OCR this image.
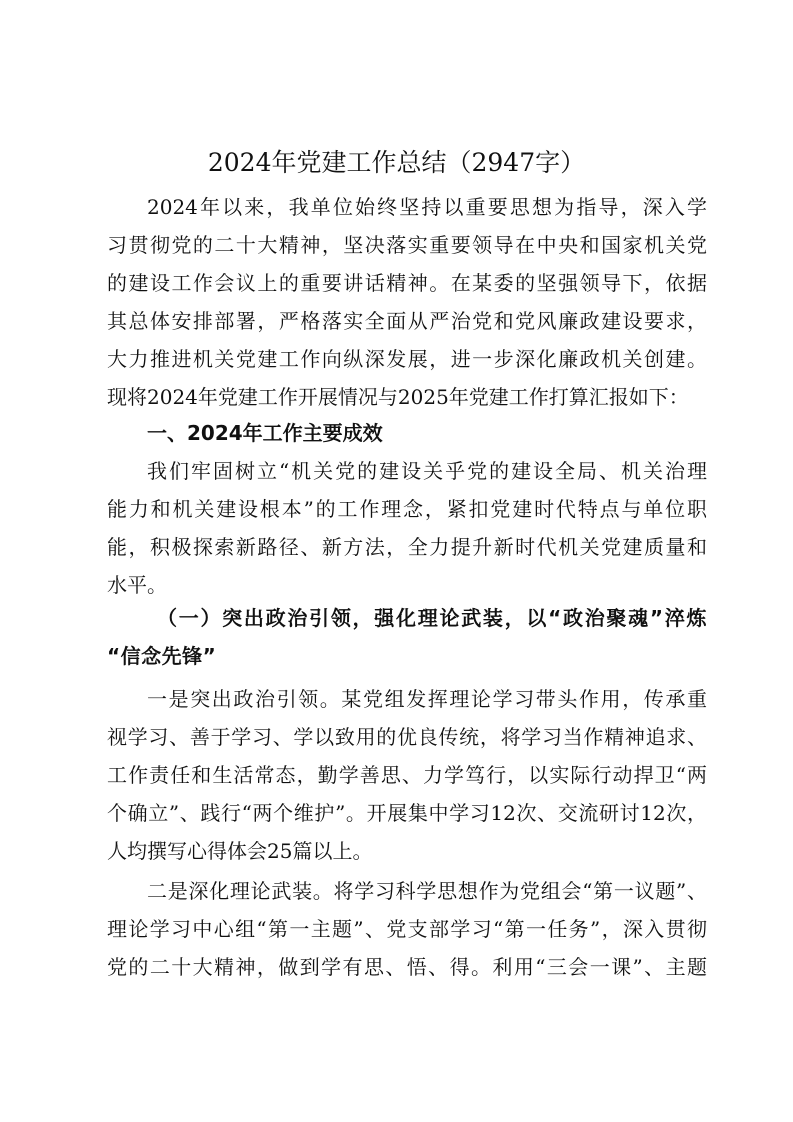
2024年党建工作总结（2947字）
2024年以来，我单位始终坚持以重要思想为指导，深入学
习贯彻党的二十大精神，坚决落实重要领导在中央和国家机关党
的建设工作会议上的重要讲话精神。在某委的坚强领导下，依据
其总体安排部署，严格落实全面从严治党和党风廉政建设要求，
大力推进机关党建工作向纵深发展，进一步深化廉政机关创建。
现将2024年党建工作开展情况与2025年党建工作打算汇报如下：
一、2024年工作主要成效
我们牢固树立“机关党的建设关乎党的建设全局、机关治理
能力和机关建设根本”的工作理念，紧扣党建时代特点与单位职
能，积极探索新路径、新方法，全力提升新时代机关党建质量和
水平。
（一）突出政治引领，强化理论武装，以“政治聚魂”淬炼
“信念先锋”
一是突出政治引领。某党组发挥理论学习带头作用，传承重
视学习、善于学习、学以致用的优良传统，将学习当作精神追求、
工作责任和生活常态，勤学善思、力学笃行，以实际行动捍卫“两
个确立”、践行“两个维护”。开展集中学习12次、交流研讨12次，
人均撰写心得体会25篇以上。
二是深化理论武装。将学习科学思想作为党组会“第一议题”、
理论学习中心组“第一主题”、党支部学习“第一任务”，深入贯彻
党的二十大精神，做到学有思、悟、得。利用“三会一课”、主题
